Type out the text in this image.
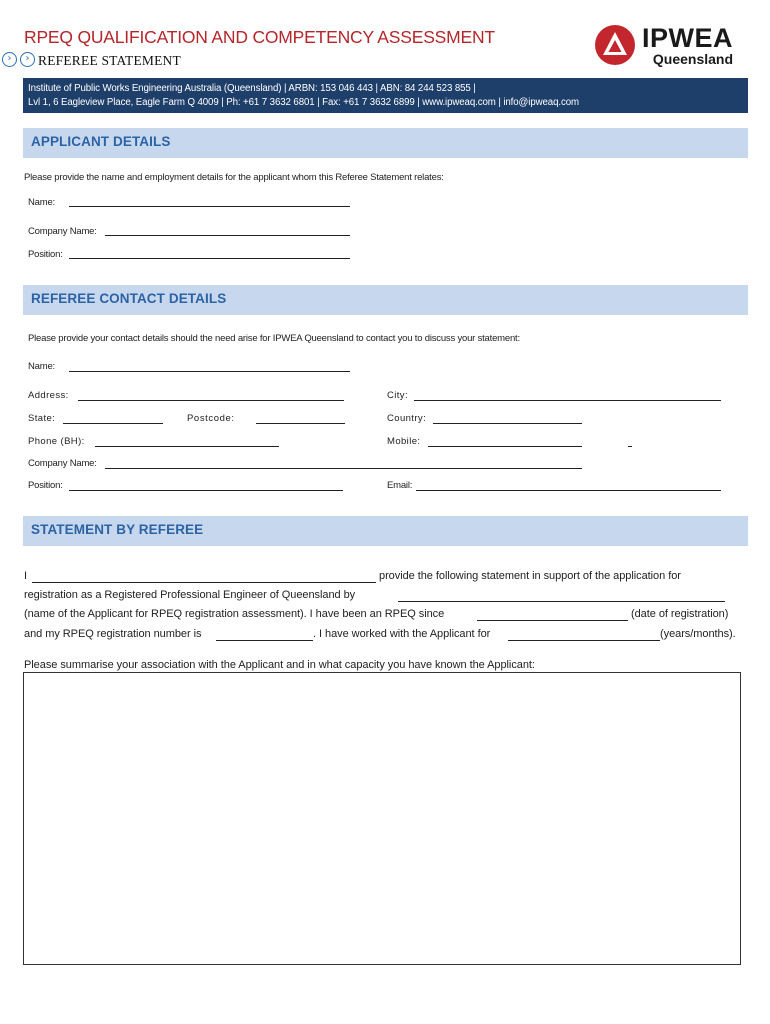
RPEQ QUALIFICATION AND COMPETENCY ASSESSMENT
›	› REFEREE STATEMENT
IPWEA
Queensland
Institute of Public Works Engineering Australia (Queensland) | ARBN: 153 046 443 | ABN: 84 244 523 855 |
Lvl 1, 6 Eagleview Place, Eagle Farm Q 4009 | Ph: +61 7 3632 6801 | Fax: +61 7 3632 6899 | www.ipweaq.com | info@ipweaq.com
APPLICANT DETAILS
Please provide the name and employment details for the applicant whom this Referee Statement relates:
Name:
Company Name:
Position:
REFEREE CONTACT DETAILS
Please provide your contact details should the need arise for IPWEA Queensland to contact you to discuss your statement:
Name:
Address:	City:
State:	Postcode:	Country:
Phone (BH):	Mobile:
Company Name:
Position:	Email:
STATEMENT BY REFEREE
I	provide the following statement in support of the application for
registration as a Registered Professional Engineer of Queensland by
(name of the Applicant for RPEQ registration assessment). I have been an RPEQ since	(date of registration)
and my RPEQ registration number is	. I have worked with the Applicant for	(years/months).
Please summarise your association with the Applicant and in what capacity you have known the Applicant:
